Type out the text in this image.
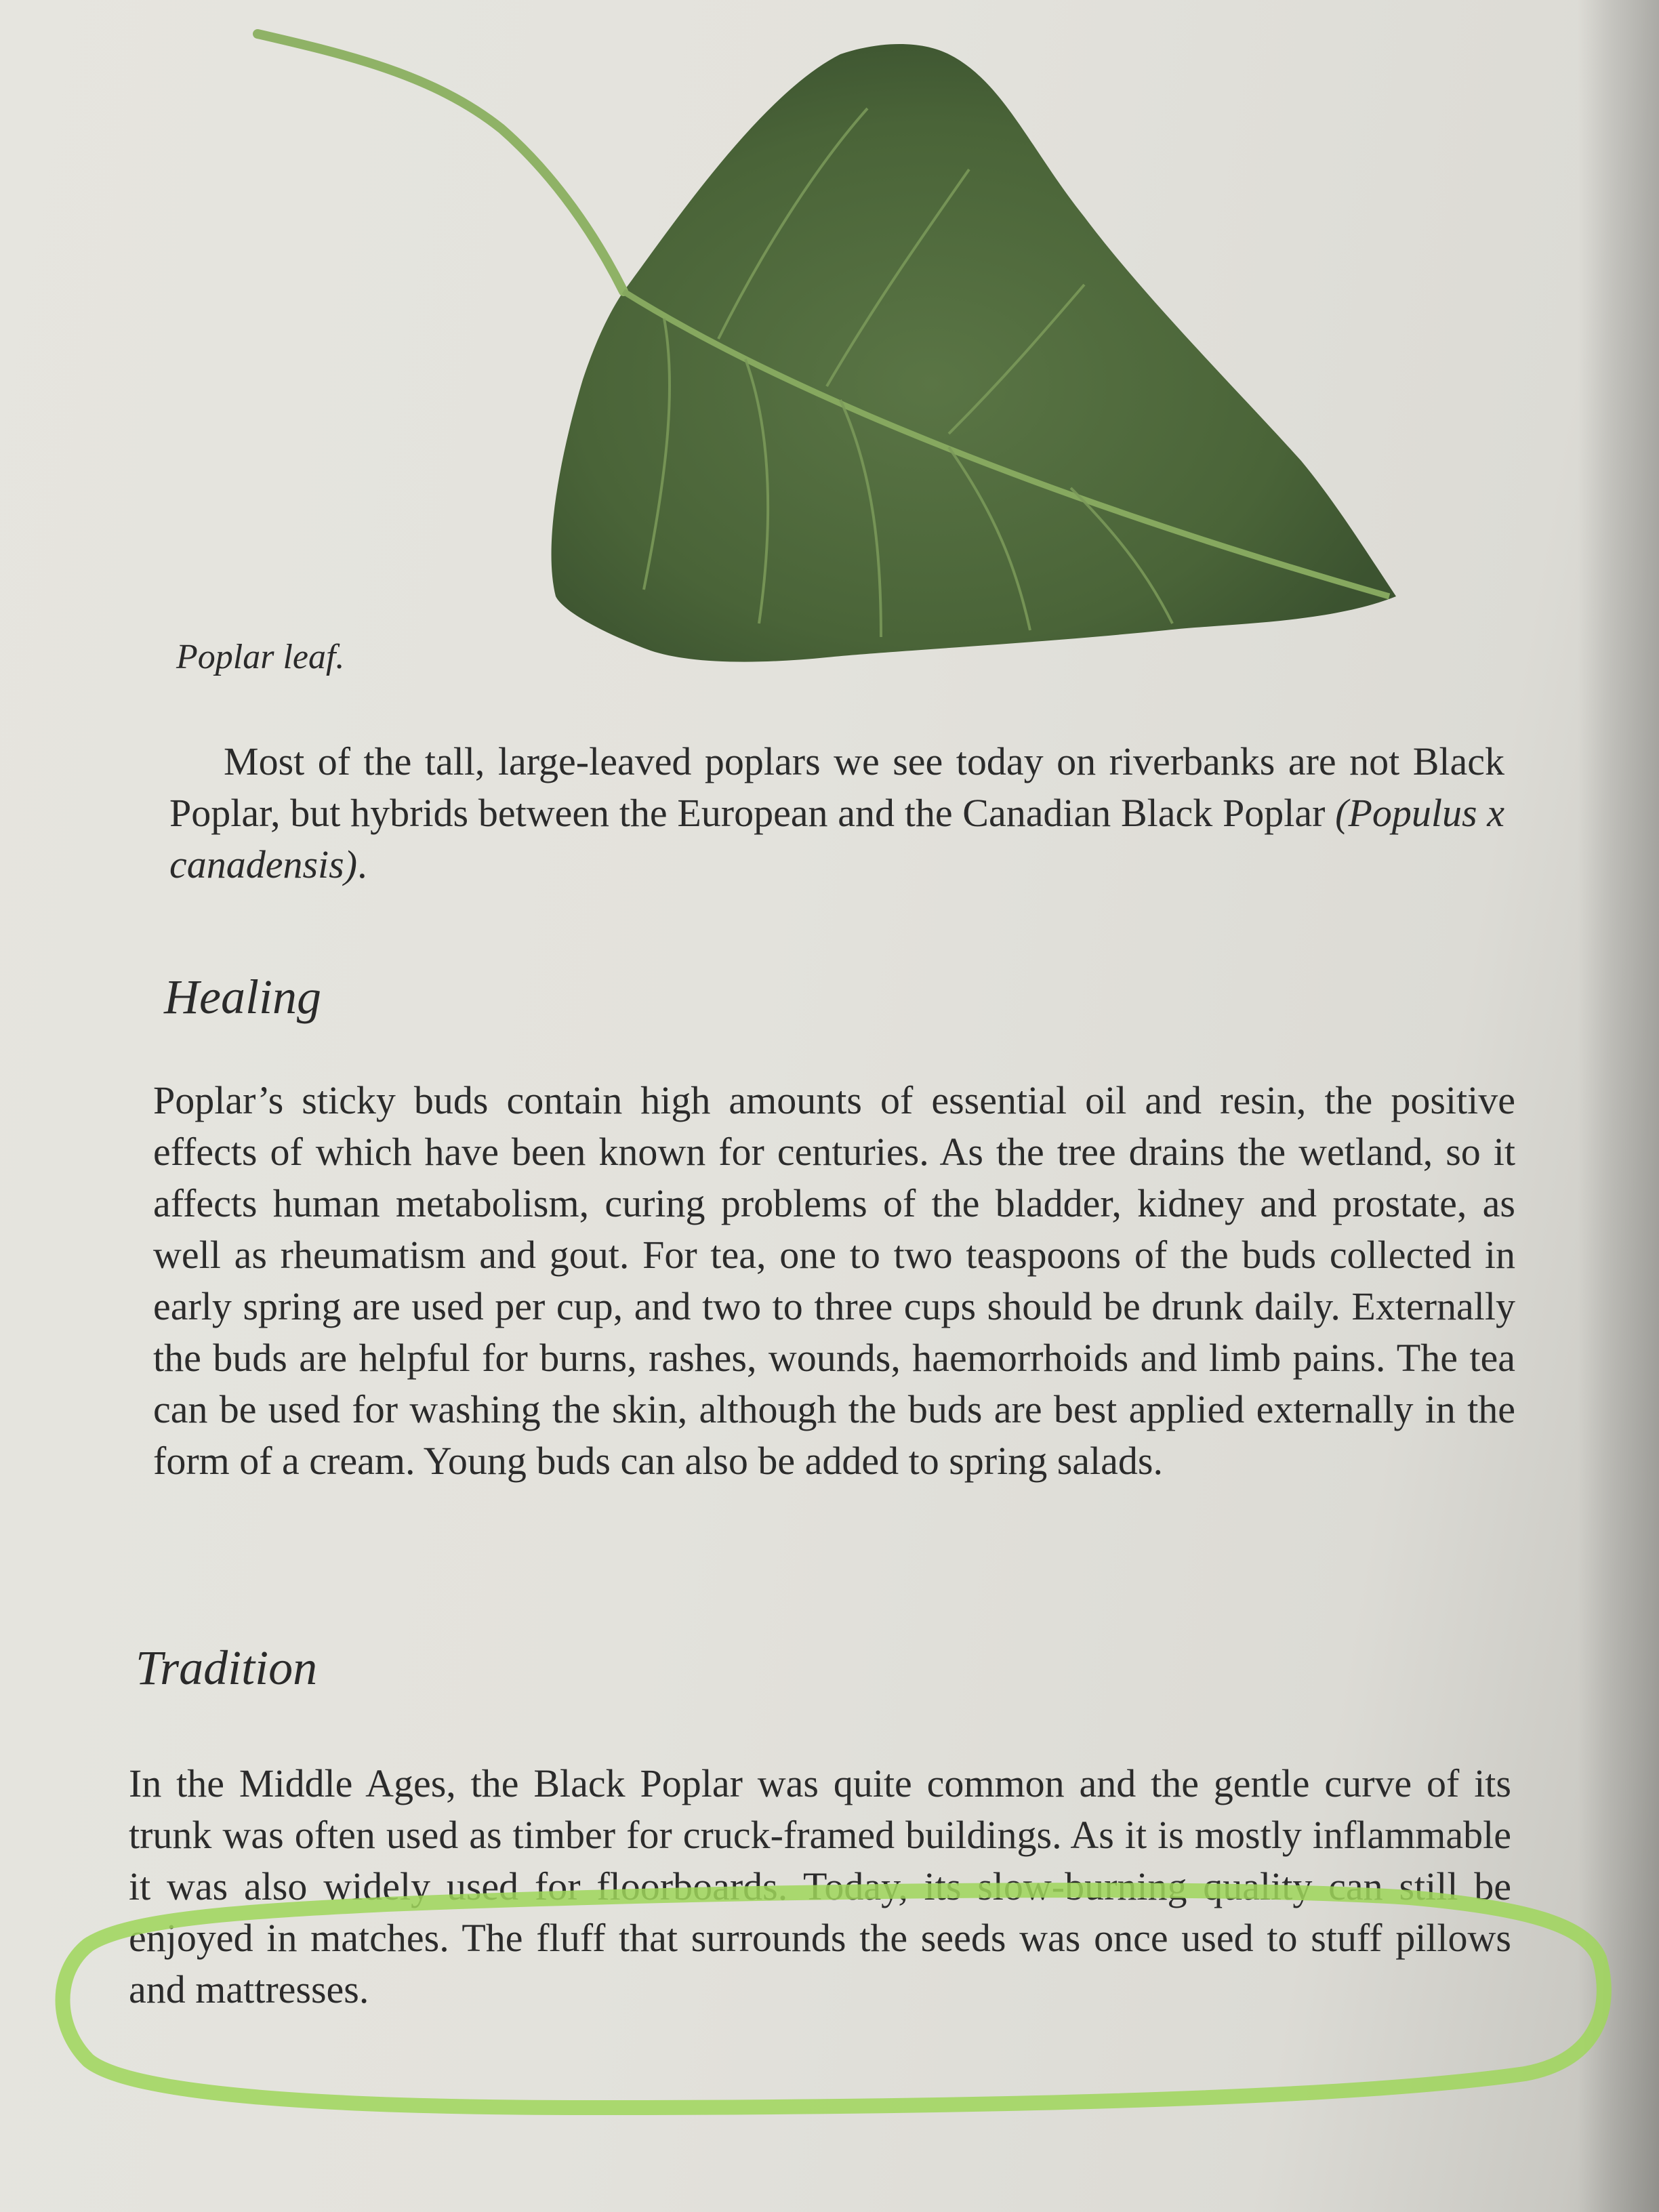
Poplar leaf.

Most of the tall, large-leaved poplars we see today on riverbanks are not Black Poplar, but hybrids between the European and the Canadian Black Poplar (Populus x canadensis).

Healing

Poplar’s sticky buds contain high amounts of essential oil and resin, the positive effects of which have been known for centuries. As the tree drains the wetland, so it affects human metabolism, curing problems of the bladder, kidney and prostate, as well as rheumatism and gout. For tea, one to two teaspoons of the buds collected in early spring are used per cup, and two to three cups should be drunk daily. Externally the buds are helpful for burns, rashes, wounds, haemorrhoids and limb pains. The tea can be used for washing the skin, although the buds are best applied externally in the form of a cream. Young buds can also be added to spring salads.

Tradition

In the Middle Ages, the Black Poplar was quite common and the gentle curve of its trunk was often used as timber for cruck-framed buildings. As it is mostly inflammable it was also widely used for floorboards. Today, its slow-burning quality can still be enjoyed in matches. The fluff that surrounds the seeds was once used to stuff pillows and mattresses.
